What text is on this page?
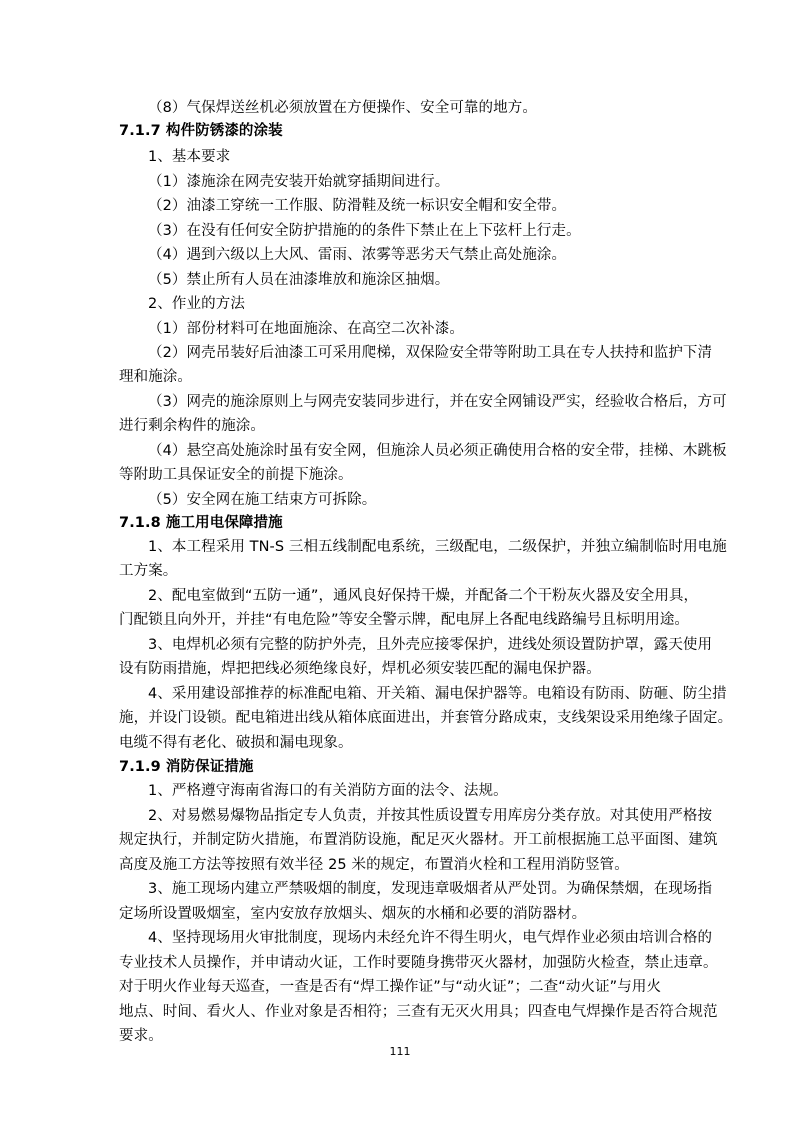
（8）气保焊送丝机必须放置在方便操作、安全可靠的地方。
7.1.7 构件防锈漆的涂装
1、基本要求
（1）漆施涂在网壳安装开始就穿插期间进行。
（2）油漆工穿统一工作服、防滑鞋及统一标识安全帽和安全带。
（3）在没有任何安全防护措施的的条件下禁止在上下弦杆上行走。
（4）遇到六级以上大风、雷雨、浓雾等恶劣天气禁止高处施涂。
（5）禁止所有人员在油漆堆放和施涂区抽烟。
2、作业的方法
（1）部份材料可在地面施涂、在高空二次补漆。
（2）网壳吊装好后油漆工可采用爬梯，双保险安全带等附助工具在专人扶持和监护下清
理和施涂。
（3）网壳的施涂原则上与网壳安装同步进行，并在安全网铺设严实，经验收合格后，方可
进行剩余构件的施涂。
（4）悬空高处施涂时虽有安全网，但施涂人员必须正确使用合格的安全带，挂梯、木跳板
等附助工具保证安全的前提下施涂。
（5）安全网在施工结束方可拆除。
7.1.8 施工用电保障措施
1、本工程采用 TN-S 三相五线制配电系统，三级配电，二级保护，并独立编制临时用电施
工方案。
2、配电室做到“五防一通”，通风良好保持干燥，并配备二个干粉灰火器及安全用具，
门配锁且向外开，并挂“有电危险”等安全警示牌，配电屏上各配电线路编号且标明用途。
3、电焊机必须有完整的防护外壳，且外壳应接零保护，进线处须设置防护罩，露天使用
设有防雨措施，焊把把线必须绝缘良好，焊机必须安装匹配的漏电保护器。
4、采用建设部推荐的标准配电箱、开关箱、漏电保护器等。电箱设有防雨、防砸、防尘措
施，并设门设锁。配电箱进出线从箱体底面进出，并套管分路成束，支线架设采用绝缘子固定。
电缆不得有老化、破损和漏电现象。
7.1.9 消防保证措施
1、严格遵守海南省海口的有关消防方面的法令、法规。
2、对易燃易爆物品指定专人负责，并按其性质设置专用库房分类存放。对其使用严格按
规定执行，并制定防火措施，布置消防设施，配足灭火器材。开工前根据施工总平面图、建筑
高度及施工方法等按照有效半径 25 米的规定，布置消火栓和工程用消防竖管。
3、施工现场内建立严禁吸烟的制度，发现违章吸烟者从严处罚。为确保禁烟，在现场指
定场所设置吸烟室，室内安放存放烟头、烟灰的水桶和必要的消防器材。
4、坚持现场用火审批制度，现场内未经允许不得生明火，电气焊作业必须由培训合格的
专业技术人员操作，并申请动火证，工作时要随身携带灭火器材，加强防火检查，禁止违章。
对于明火作业每天巡查，一查是否有“焊工操作证”与“动火证”；二查“动火证”与用火
地点、时间、看火人、作业对象是否相符；三查有无灭火用具；四查电气焊操作是否符合规范
要求。
111
